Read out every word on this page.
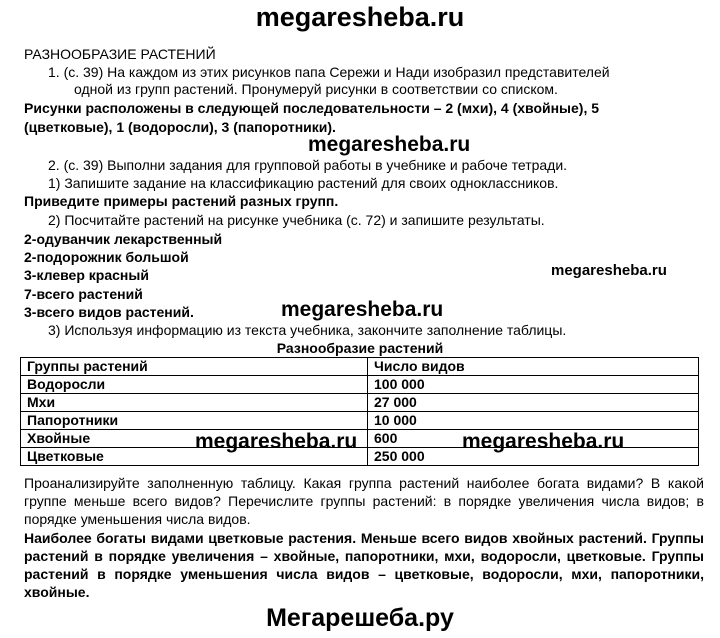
megaresheba.ru
РАЗНООБРАЗИЕ РАСТЕНИЙ
1. (с. 39) На каждом из этих рисунков папа Сережи и Нади изобразил представителей
одной из групп растений. Пронумеруй рисунки в соответствии со списком.
Рисунки расположены в следующей последовательности – 2 (мхи), 4 (хвойные), 5
(цветковые), 1 (водоросли), 3 (папоротники).
megaresheba.ru
2. (с. 39) Выполни задания для групповой работы в учебнике и рабоче тетради.
1) Запишите задание на классификацию растений для своих одноклассников.
Приведите примеры растений разных групп.
2) Посчитайте растений на рисунке учебника (с. 72) и запишите результаты.
2-одуванчик лекарственный
2-подорожник большой
3-клевер красный
7-всего растений
3-всего видов растений.
megaresheba.ru
megaresheba.ru
3) Используя информацию из текста учебника, закончите заполнение таблицы.
Разнообразие растений
Группы растений	Число видов
Водоросли	100 000
Мхи	27 000
Папоротники	10 000
Хвойные	600
Цветковые	250 000
megaresheba.ru	megaresheba.ru
Проанализируйте заполненную таблицу. Какая группа растений наиболее богата видами? В какой группе меньше всего видов? Перечислите группы растений: в порядке увеличения числа видов; в порядке уменьшения числа видов.
Наиболее богаты видами цветковые растения. Меньше всего видов хвойных растений. Группы растений в порядке увеличения – хвойные, папоротники, мхи, водоросли, цветковые. Группы растений в порядке уменьшения числа видов – цветковые, водоросли, мхи, папоротники, хвойные.
Мегарешеба.ру
